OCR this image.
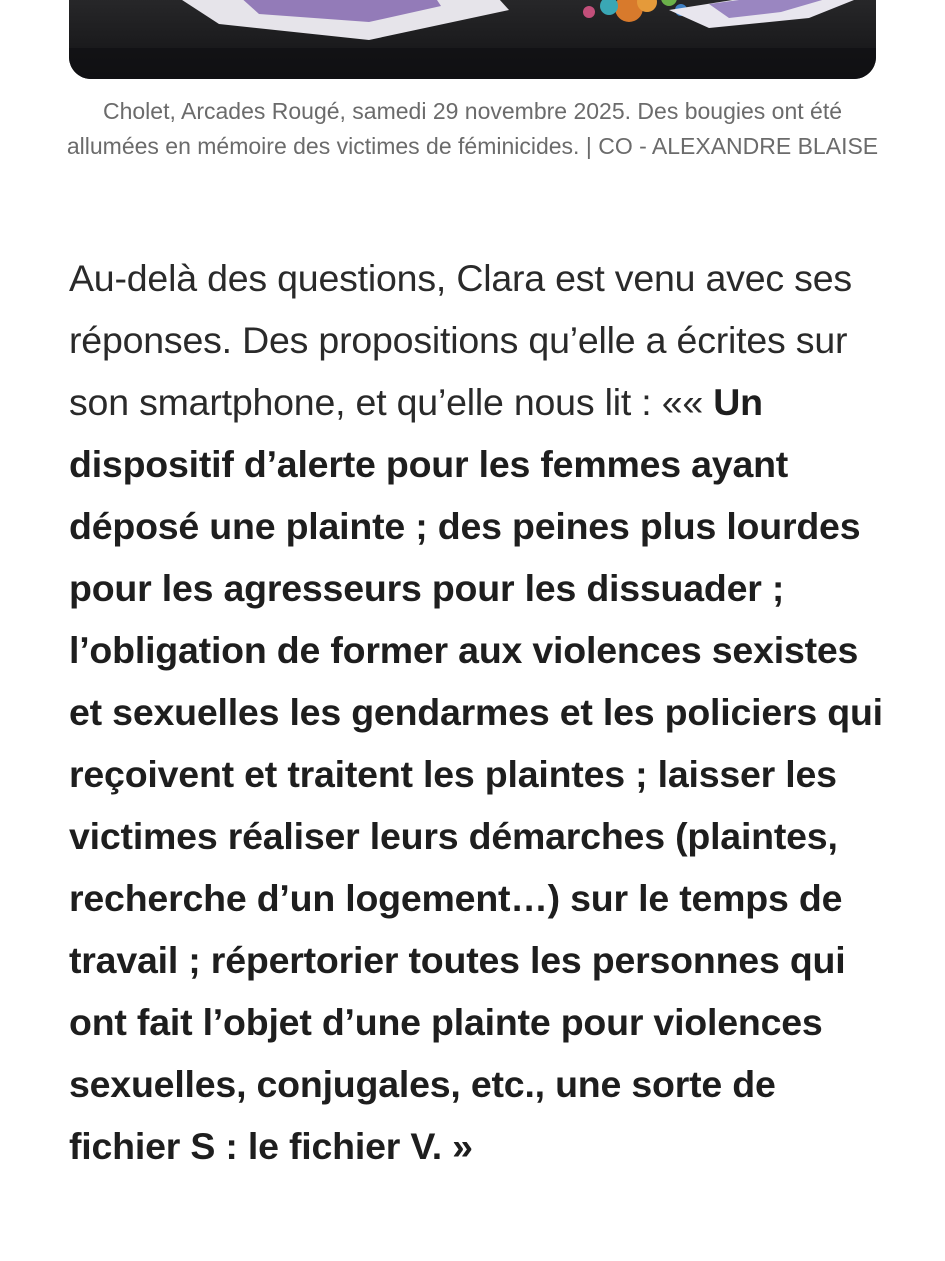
Cholet, Arcades Rougé, samedi 29 novembre 2025. Des bougies ont été allumées en mémoire des victimes de féminicides. | CO - ALEXANDRE BLAISE

Au-delà des questions, Clara est venu avec ses réponses. Des propositions qu’elle a écrites sur son smartphone, et qu’elle nous lit : «« Un dispositif d’alerte pour les femmes ayant déposé une plainte ; des peines plus lourdes pour les agresseurs pour les dissuader ; l’obligation de former aux violences sexistes et sexuelles les gendarmes et les policiers qui reçoivent et traitent les plaintes ; laisser les victimes réaliser leurs démarches (plaintes, recherche d’un logement…) sur le temps de travail ; répertorier toutes les personnes qui ont fait l’objet d’une plainte pour violences sexuelles, conjugales, etc., une sorte de fichier S : le fichier V. »
